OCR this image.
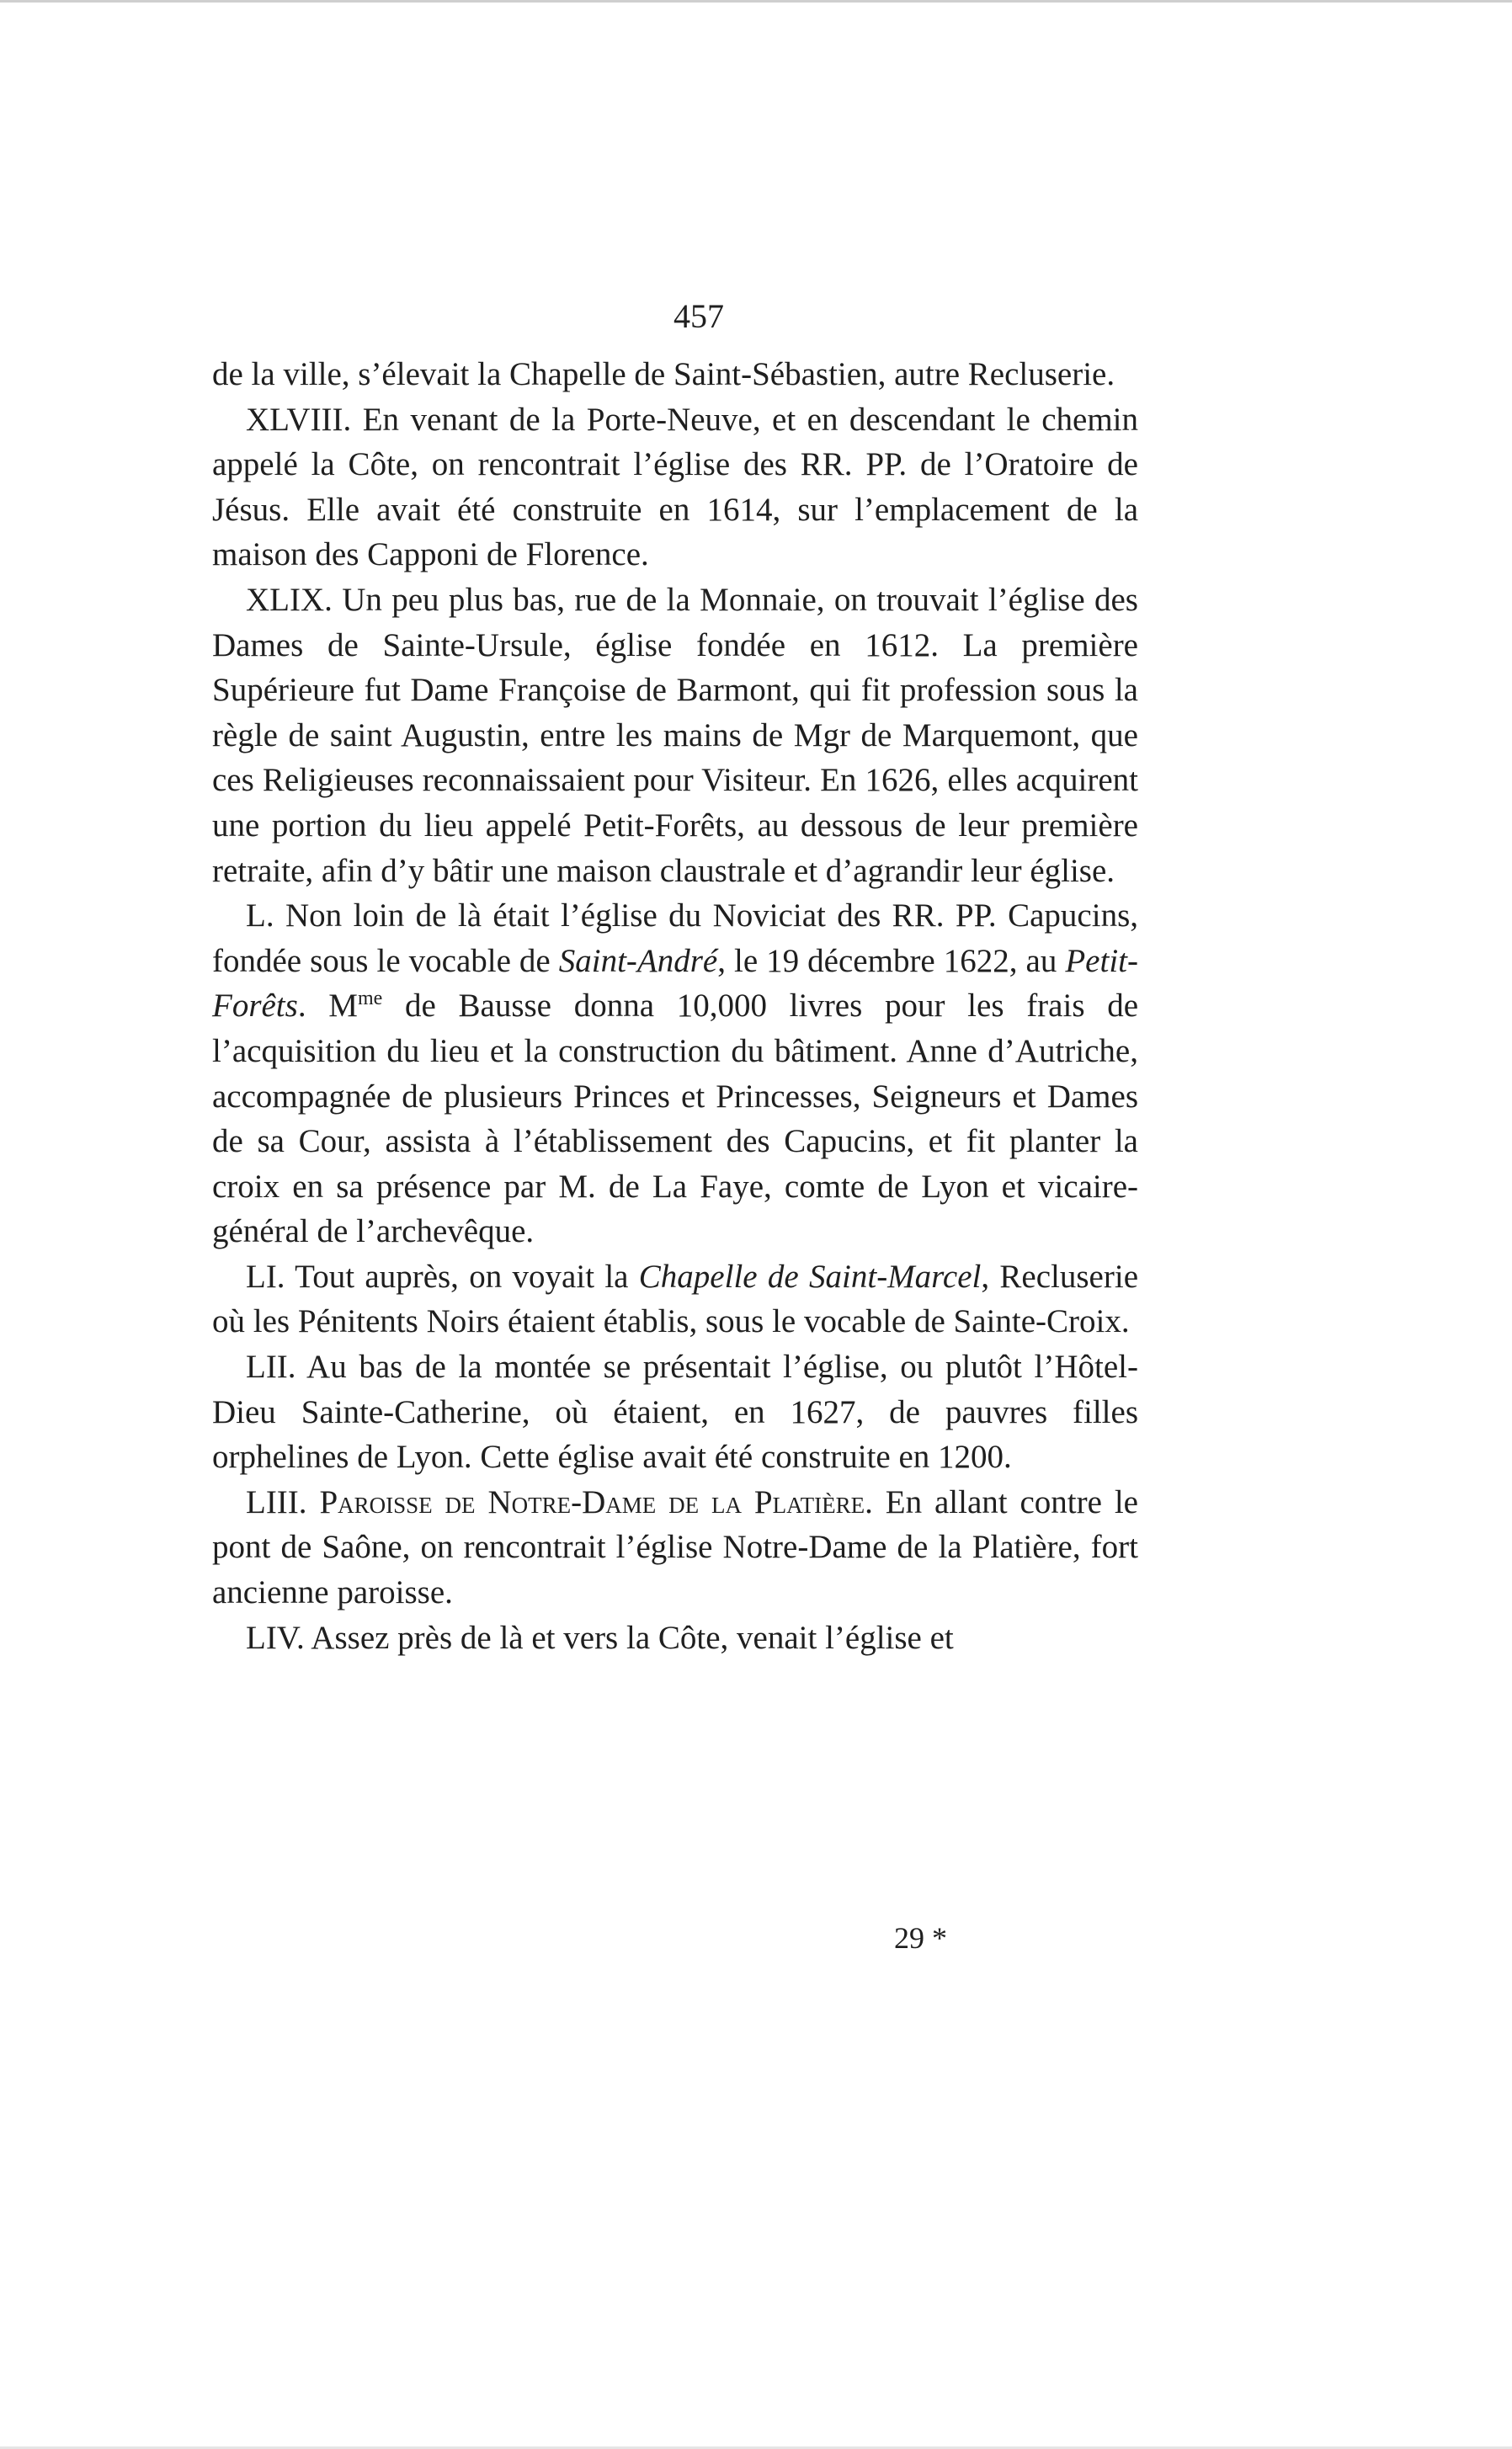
457

de la ville, s’élevait la Chapelle de Saint-Sébastien, autre Recluserie.

XLVIII. En venant de la Porte-Neuve, et en descendant le chemin appelé la Côte, on rencontrait l’église des RR. PP. de l’Oratoire de Jésus. Elle avait été construite en 1614, sur l’emplacement de la maison des Capponi de Florence.

XLIX. Un peu plus bas, rue de la Monnaie, on trouvait l’église des Dames de Sainte-Ursule, église fondée en 1612. La première Supérieure fut Dame Françoise de Barmont, qui fit profession sous la règle de saint Augustin, entre les mains de Mgr de Marquemont, que ces Religieuses reconnaissaient pour Visiteur. En 1626, elles acquirent une portion du lieu appelé Petit-Forêts, au dessous de leur première retraite, afin d’y bâtir une maison claustrale et d’agrandir leur église.

L. Non loin de là était l’église du Noviciat des RR. PP. Capucins, fondée sous le vocable de Saint-André, le 19 décembre 1622, au Petit-Forêts. $M^{me}$ de Bausse donna 10,000 livres pour les frais de l’acquisition du lieu et la construction du bâtiment. Anne d’Autriche, accompagnée de plusieurs Princes et Princesses, Seigneurs et Dames de sa Cour, assista à l’établissement des Capucins, et fit planter la croix en sa présence par M. de La Faye, comte de Lyon et vicaire-général de l’archevêque.

LI. Tout auprès, on voyait la Chapelle de Saint-Marcel, Recluserie où les Pénitents Noirs étaient établis, sous le vocable de Sainte-Croix.

LII. Au bas de la montée se présentait l’église, ou plutôt l’Hôtel-Dieu Sainte-Catherine, où étaient, en 1627, de pauvres filles orphelines de Lyon. Cette église avait été construite en 1200.

LIII. Paroisse de Notre-Dame de la Platière. En allant contre le pont de Saône, on rencontrait l’église Notre-Dame de la Platière, fort ancienne paroisse.

LIV. Assez près de là et vers la Côte, venait l’église et

29 *
